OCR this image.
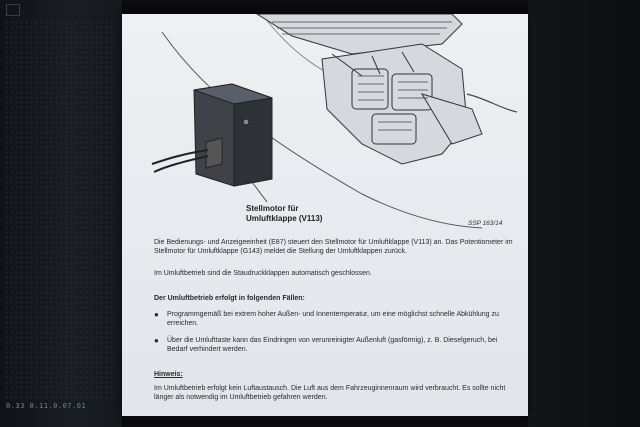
0.33 0.11.0.07.01
Stellmotor für
Umluftklappe (V113)
SSP 163/14
Die Bedienungs- und Anzeigeeinheit (E87) steuert den Stellmotor für Umluftklappe (V113) an. Das Potentiometer im Stellmotor für Umluftklappe (G143) meldet die Stellung der Umluftklappen zurück.
Im Umluftbetrieb sind die Staudruckklappen automatisch geschlossen.
Der Umluftbetrieb erfolgt in folgenden Fällen:
● Programmgemäß bei extrem hoher Außen- und Innentemperatur, um eine möglichst schnelle Abkühlung zu erreichen.
● Über die Umlufttaste kann das Eindringen von verunreinigter Außenluft (gasförmig), z. B. Dieselgeruch, bei Bedarf verhindert werden.
Hinweis:
Im Umluftbetrieb erfolgt kein Luftaustausch. Die Luft aus dem Fahrzeuginnenraum wird verbraucht. Es sollte nicht länger als notwendig im Umluftbetrieb gefahren werden.
